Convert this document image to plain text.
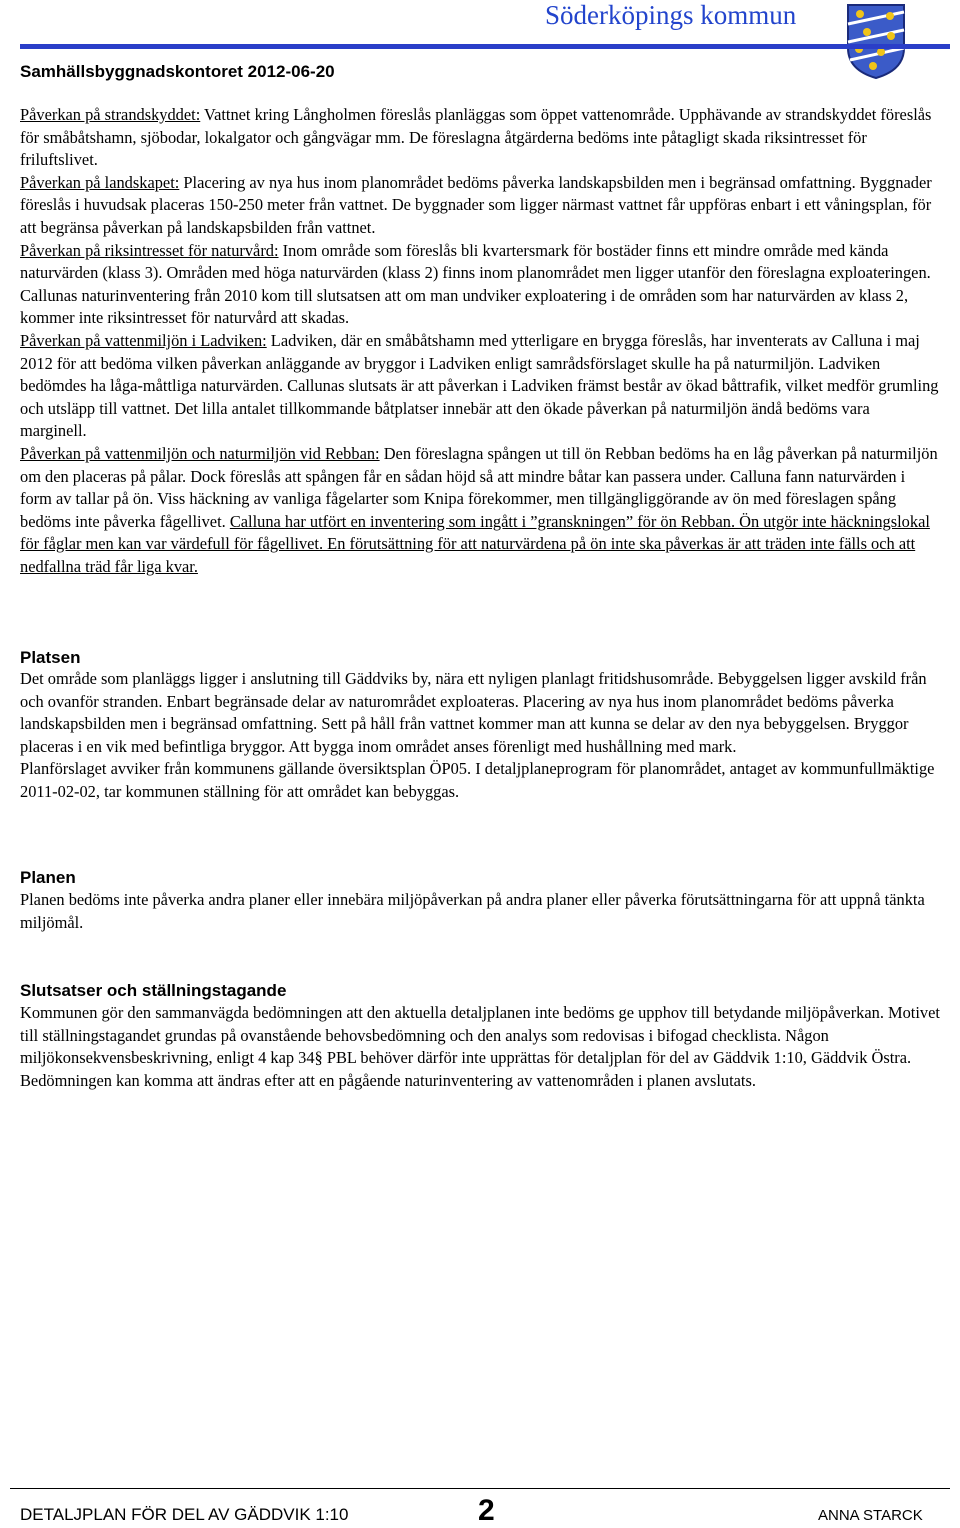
Söderköpings kommun
Samhällsbyggnadskontoret 2012-06-20

Påverkan på strandskyddet: Vattnet kring Långholmen föreslås planläggas som öppet vattenområde. Upphävande av strandskyddet föreslås för småbåtshamn, sjöbodar, lokalgator och gångvägar mm. De föreslagna åtgärderna bedöms inte påtagligt skada riksintresset för friluftslivet.

Påverkan på landskapet: Placering av nya hus inom planområdet bedöms påverka landskapsbilden men i begränsad omfattning. Byggnader föreslås i huvudsak placeras 150-250 meter från vattnet. De byggnader som ligger närmast vattnet får uppföras enbart i ett våningsplan, för att begränsa påverkan på landskapsbilden från vattnet.

Påverkan på riksintresset för naturvård: Inom område som föreslås bli kvartersmark för bostäder finns ett mindre område med kända naturvärden (klass 3). Områden med höga naturvärden (klass 2) finns inom planområdet men ligger utanför den föreslagna exploateringen. Callunas naturinventering från 2010 kom till slutsatsen att om man undviker exploatering i de områden som har naturvärden av klass 2, kommer inte riksintresset för naturvård att skadas.

Påverkan på vattenmiljön i Ladviken: Ladviken, där en småbåtshamn med ytterligare en brygga föreslås, har inventerats av Calluna i maj 2012 för att bedöma vilken påverkan anläggande av bryggor i Ladviken enligt samrådsförslaget skulle ha på naturmiljön. Ladviken bedömdes ha låga-måttliga naturvärden. Callunas slutsats är att påverkan i Ladviken främst består av ökad båttrafik, vilket medför grumling och utsläpp till vattnet. Det lilla antalet tillkommande båtplatser innebär att den ökade påverkan på naturmiljön ändå bedöms vara marginell.

Påverkan på vattenmiljön och naturmiljön vid Rebban: Den föreslagna spången ut till ön Rebban bedöms ha en låg påverkan på naturmiljön om den placeras på pålar. Dock föreslås att spången får en sådan höjd så att mindre båtar kan passera under. Calluna fann naturvärden i form av tallar på ön. Viss häckning av vanliga fågelarter som Knipa förekommer, men tillgängliggörande av ön med föreslagen spång bedöms inte påverka fågellivet. Calluna har utfört en inventering som ingått i ”granskningen” för ön Rebban. Ön utgör inte häckningslokal för fåglar men kan var värdefull för fågellivet. En förutsättning för att naturvärdena på ön inte ska påverkas är att träden inte fälls och att nedfallna träd får liga kvar.

Platsen

Det område som planläggs ligger i anslutning till Gäddviks by, nära ett nyligen planlagt fritidshusområde. Bebyggelsen ligger avskild från och ovanför stranden. Enbart begränsade delar av naturområdet exploateras. Placering av nya hus inom planområdet bedöms påverka landskapsbilden men i begränsad omfattning. Sett på håll från vattnet kommer man att kunna se delar av den nya bebyggelsen. Bryggor placeras i en vik med befintliga bryggor. Att bygga inom området anses förenligt med hushållning med mark.

Planförslaget avviker från kommunens gällande översiktsplan ÖP05. I detaljplaneprogram för planområdet, antaget av kommunfullmäktige 2011-02-02, tar kommunen ställning för att området kan bebyggas.

Planen

Planen bedöms inte påverka andra planer eller innebära miljöpåverkan på andra planer eller påverka förutsättningarna för att uppnå tänkta miljömål.

Slutsatser och ställningstagande

Kommunen gör den sammanvägda bedömningen att den aktuella detaljplanen inte bedöms ge upphov till betydande miljöpåverkan. Motivet till ställningstagandet grundas på ovanstående behovsbedömning och den analys som redovisas i bifogad checklista. Någon miljökonsekvensbeskrivning, enligt 4 kap 34§ PBL behöver därför inte upprättas för detaljplan för del av Gäddvik 1:10, Gäddvik Östra. Bedömningen kan komma att ändras efter att en pågående naturinventering av vattenområden i planen avslutats.

DETALJPLAN FÖR DEL AV GÄDDVIK 1:10	2	ANNA STARCK
